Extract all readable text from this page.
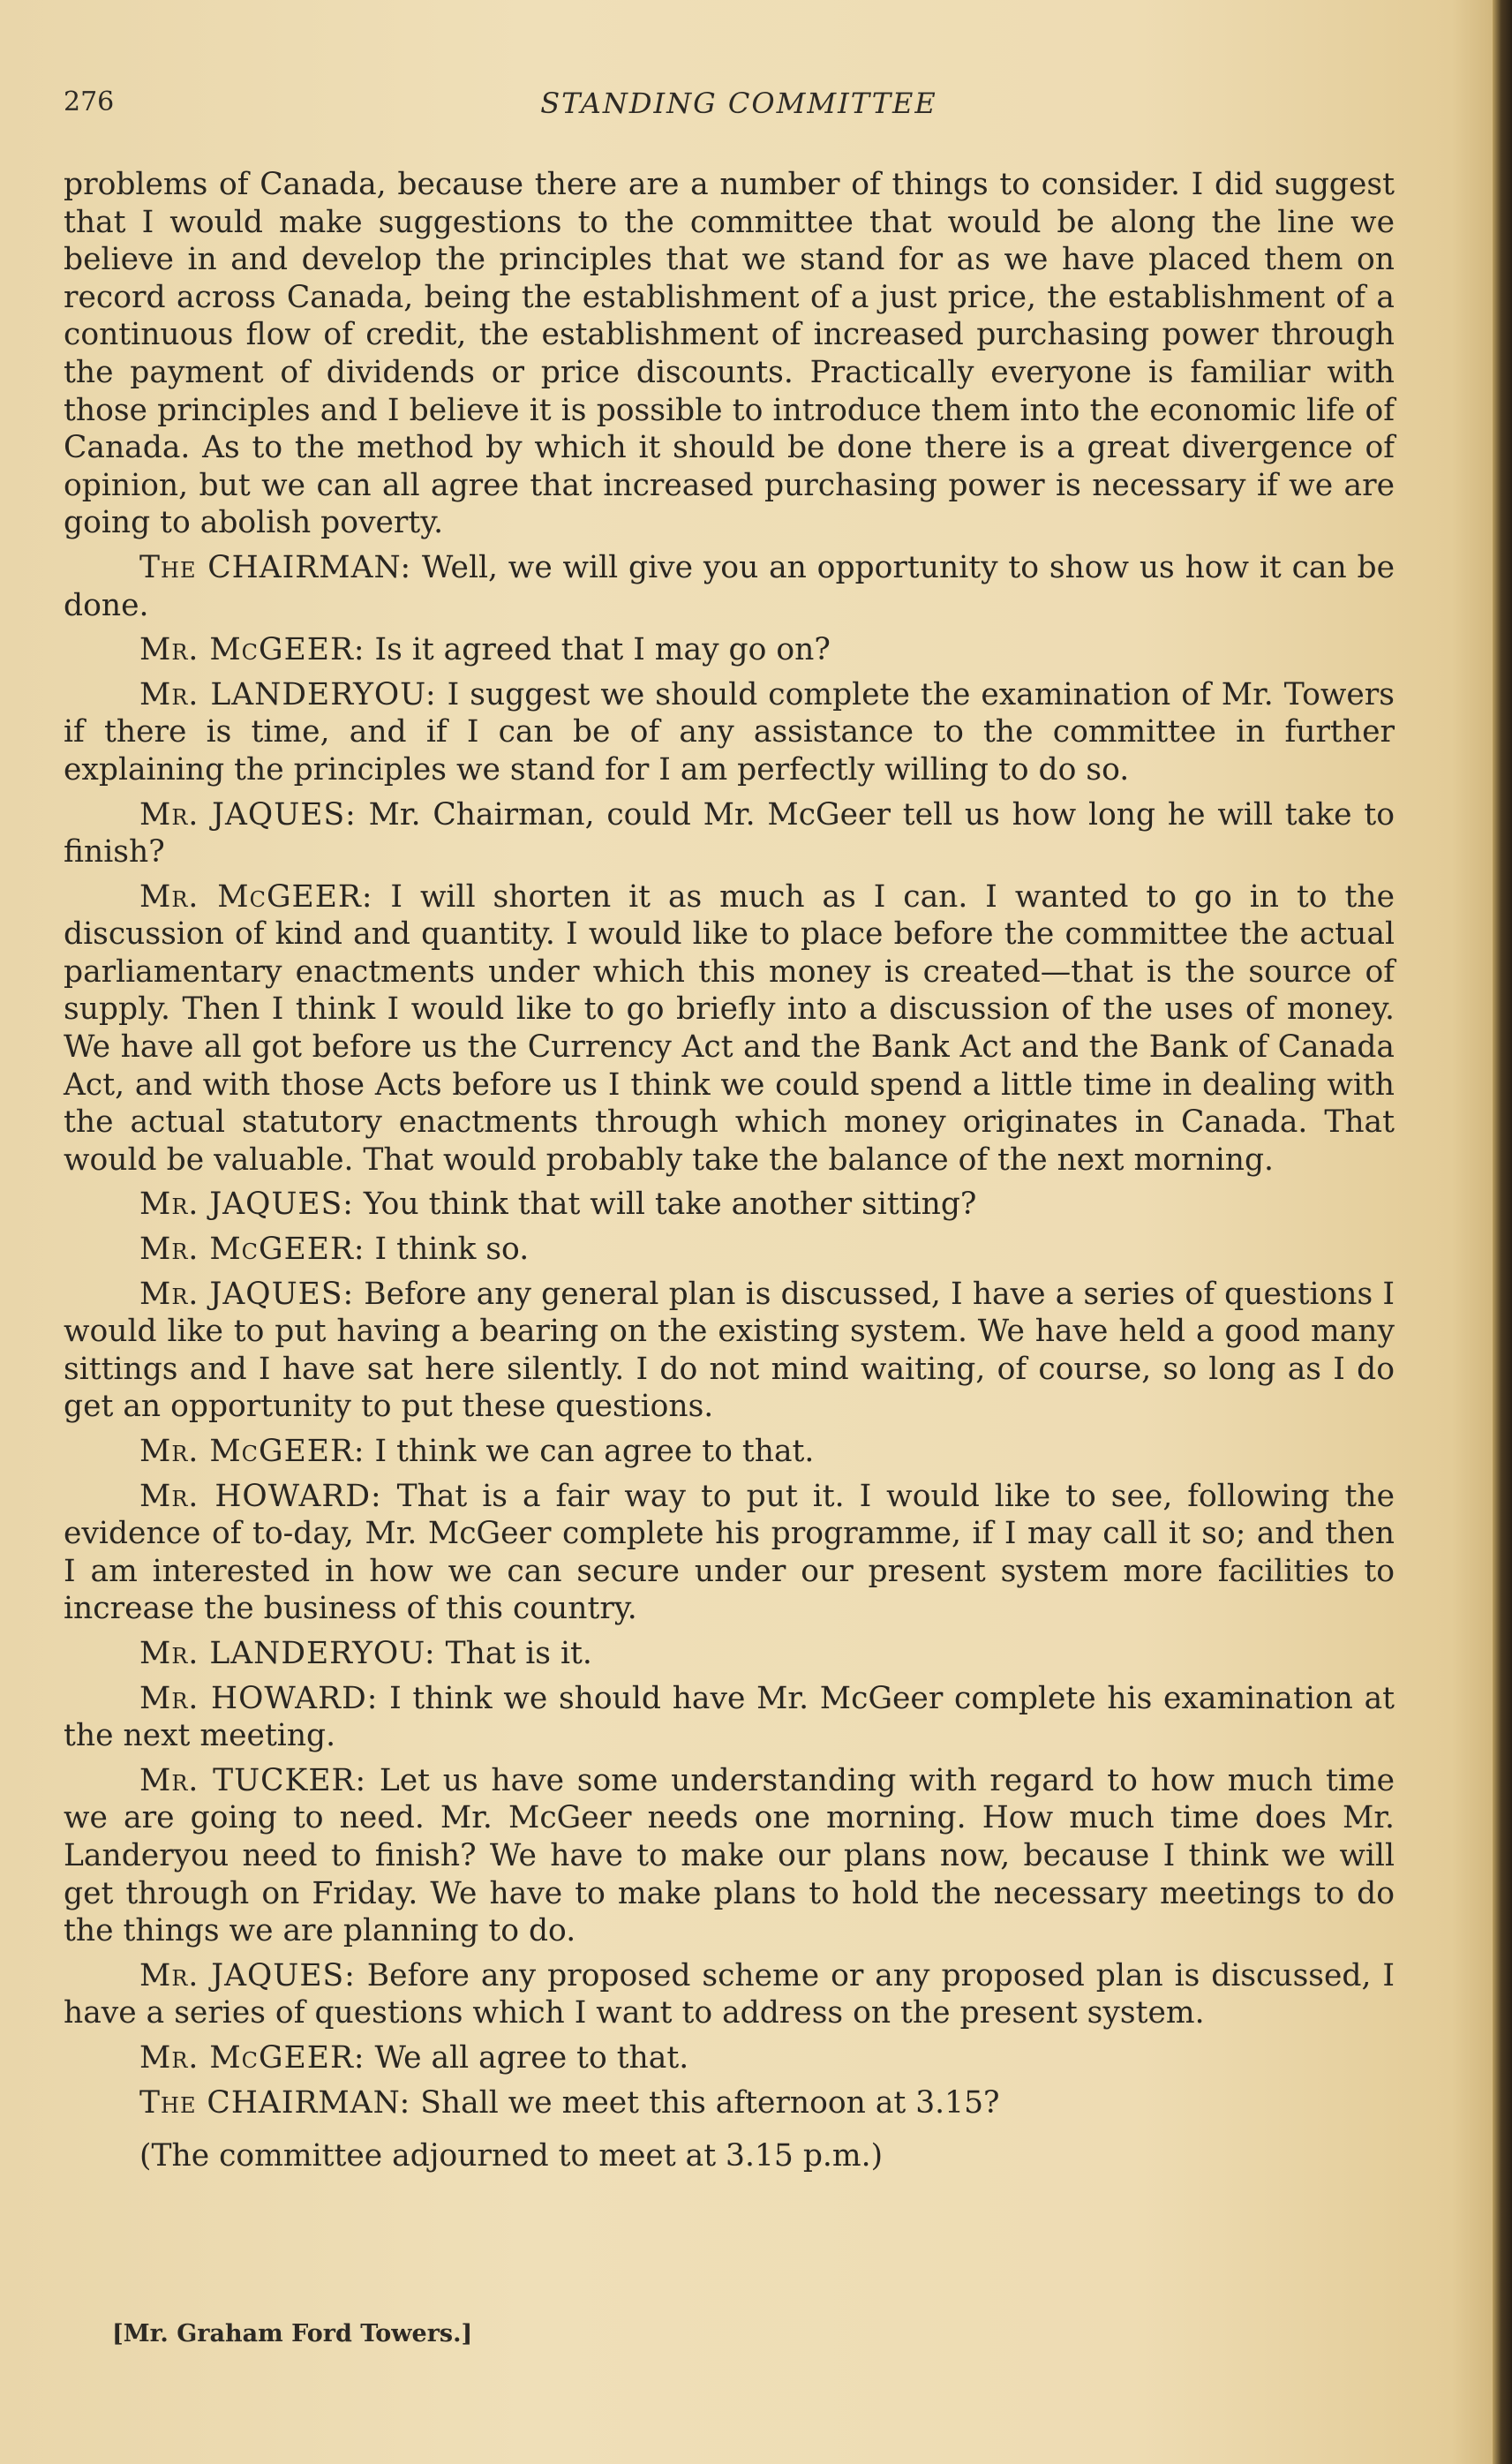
276	STANDING COMMITTEE

problems of Canada, because there are a number of things to consider. I did suggest that I would make suggestions to the committee that would be along the line we believe in and develop the principles that we stand for as we have placed them on record across Canada, being the establishment of a just price, the establishment of a continuous flow of credit, the establishment of increased purchasing power through the payment of dividends or price discounts. Practically everyone is familiar with those principles and I believe it is possible to introduce them into the economic life of Canada. As to the method by which it should be done there is a great divergence of opinion, but we can all agree that increased purchasing power is necessary if we are going to abolish poverty.

The CHAIRMAN: Well, we will give you an opportunity to show us how it can be done.

Mr. McGEER: Is it agreed that I may go on?

Mr. LANDERYOU: I suggest we should complete the examination of Mr. Towers if there is time, and if I can be of any assistance to the committee in further explaining the principles we stand for I am perfectly willing to do so.

Mr. JAQUES: Mr. Chairman, could Mr. McGeer tell us how long he will take to finish?

Mr. McGEER: I will shorten it as much as I can. I wanted to go in to the discussion of kind and quantity. I would like to place before the committee the actual parliamentary enactments under which this money is created—that is the source of supply. Then I think I would like to go briefly into a discussion of the uses of money. We have all got before us the Currency Act and the Bank Act and the Bank of Canada Act, and with those Acts before us I think we could spend a little time in dealing with the actual statutory enactments through which money originates in Canada. That would be valuable. That would probably take the balance of the next morning.

Mr. JAQUES: You think that will take another sitting?

Mr. McGEER: I think so.

Mr. JAQUES: Before any general plan is discussed, I have a series of questions I would like to put having a bearing on the existing system. We have held a good many sittings and I have sat here silently. I do not mind waiting, of course, so long as I do get an opportunity to put these questions.

Mr. McGEER: I think we can agree to that.

Mr. HOWARD: That is a fair way to put it. I would like to see, following the evidence of to-day, Mr. McGeer complete his programme, if I may call it so; and then I am interested in how we can secure under our present system more facilities to increase the business of this country.

Mr. LANDERYOU: That is it.

Mr. HOWARD: I think we should have Mr. McGeer complete his examination at the next meeting.

Mr. TUCKER: Let us have some understanding with regard to how much time we are going to need. Mr. McGeer needs one morning. How much time does Mr. Landeryou need to finish? We have to make our plans now, because I think we will get through on Friday. We have to make plans to hold the necessary meetings to do the things we are planning to do.

Mr. JAQUES: Before any proposed scheme or any proposed plan is discussed, I have a series of questions which I want to address on the present system.

Mr. McGEER: We all agree to that.

The CHAIRMAN: Shall we meet this afternoon at 3.15?

(The committee adjourned to meet at 3.15 p.m.)

[Mr. Graham Ford Towers.]
